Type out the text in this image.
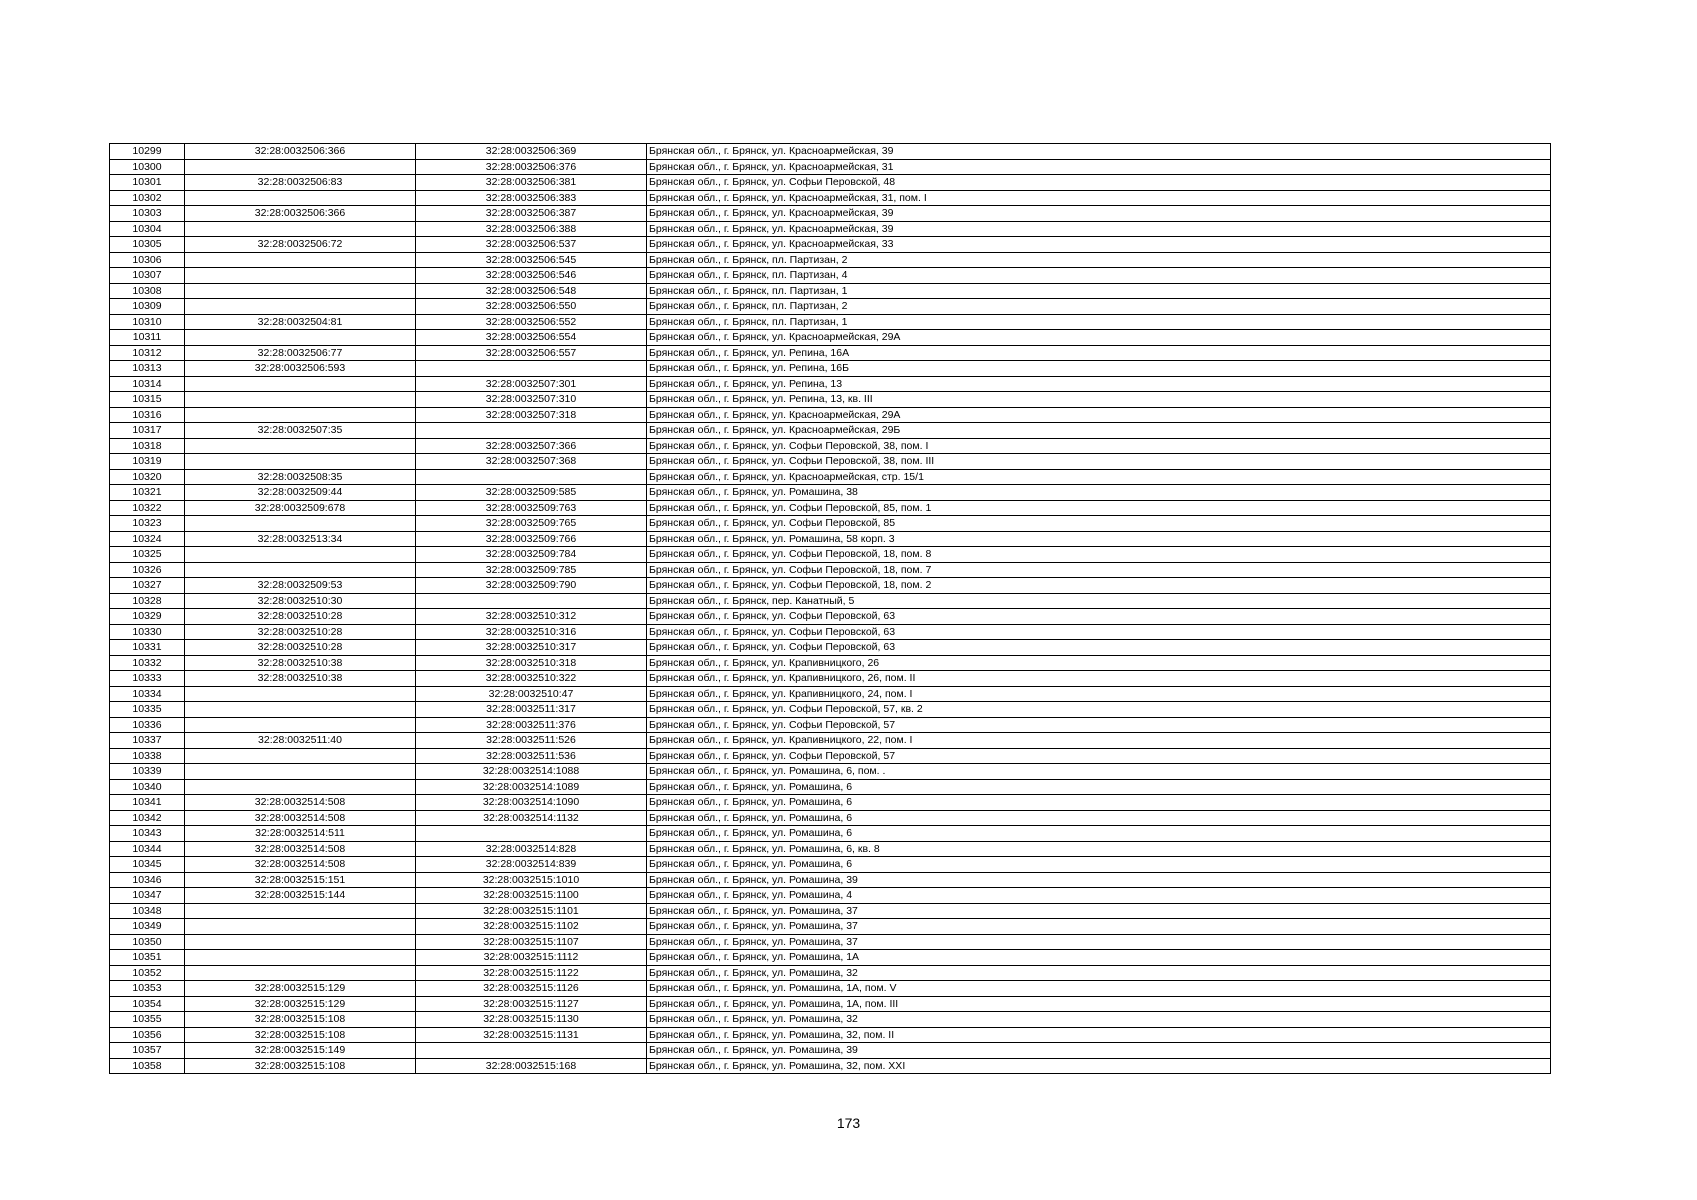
10299	32:28:0032506:366	32:28:0032506:369	Брянская обл., г. Брянск, ул. Красноармейская, 39
10300		32:28:0032506:376	Брянская обл., г. Брянск, ул. Красноармейская, 31
10301	32:28:0032506:83	32:28:0032506:381	Брянская обл., г. Брянск, ул. Софьи Перовской, 48
10302		32:28:0032506:383	Брянская обл., г. Брянск, ул. Красноармейская, 31, пом. I
10303	32:28:0032506:366	32:28:0032506:387	Брянская обл., г. Брянск, ул. Красноармейская, 39
10304		32:28:0032506:388	Брянская обл., г. Брянск, ул. Красноармейская, 39
10305	32:28:0032506:72	32:28:0032506:537	Брянская обл., г. Брянск, ул. Красноармейская, 33
10306		32:28:0032506:545	Брянская обл., г. Брянск, пл. Партизан, 2
10307		32:28:0032506:546	Брянская обл., г. Брянск, пл. Партизан, 4
10308		32:28:0032506:548	Брянская обл., г. Брянск, пл. Партизан, 1
10309		32:28:0032506:550	Брянская обл., г. Брянск, пл. Партизан, 2
10310	32:28:0032504:81	32:28:0032506:552	Брянская обл., г. Брянск, пл. Партизан, 1
10311		32:28:0032506:554	Брянская обл., г. Брянск, ул. Красноармейская, 29А
10312	32:28:0032506:77	32:28:0032506:557	Брянская обл., г. Брянск, ул. Репина, 16А
10313	32:28:0032506:593		Брянская обл., г. Брянск, ул. Репина, 16Б
10314		32:28:0032507:301	Брянская обл., г. Брянск, ул. Репина, 13
10315		32:28:0032507:310	Брянская обл., г. Брянск, ул. Репина, 13, кв. III
10316		32:28:0032507:318	Брянская обл., г. Брянск, ул. Красноармейская, 29А
10317	32:28:0032507:35		Брянская обл., г. Брянск, ул. Красноармейская, 29Б
10318		32:28:0032507:366	Брянская обл., г. Брянск, ул. Софьи Перовской, 38, пом. I
10319		32:28:0032507:368	Брянская обл., г. Брянск, ул. Софьи Перовской, 38, пом. III
10320	32:28:0032508:35		Брянская обл., г. Брянск, ул. Красноармейская, стр. 15/1
10321	32:28:0032509:44	32:28:0032509:585	Брянская обл., г. Брянск, ул. Ромашина, 38
10322	32:28:0032509:678	32:28:0032509:763	Брянская обл., г. Брянск, ул. Софьи Перовской, 85, пом. 1
10323		32:28:0032509:765	Брянская обл., г. Брянск, ул. Софьи Перовской, 85
10324	32:28:0032513:34	32:28:0032509:766	Брянская обл., г. Брянск, ул. Ромашина, 58 корп. 3
10325		32:28:0032509:784	Брянская обл., г. Брянск, ул. Софьи Перовской, 18, пом. 8
10326		32:28:0032509:785	Брянская обл., г. Брянск, ул. Софьи Перовской, 18, пом. 7
10327	32:28:0032509:53	32:28:0032509:790	Брянская обл., г. Брянск, ул. Софьи Перовской, 18, пом. 2
10328	32:28:0032510:30		Брянская обл., г. Брянск, пер. Канатный, 5
10329	32:28:0032510:28	32:28:0032510:312	Брянская обл., г. Брянск, ул. Софьи Перовской, 63
10330	32:28:0032510:28	32:28:0032510:316	Брянская обл., г. Брянск, ул. Софьи Перовской, 63
10331	32:28:0032510:28	32:28:0032510:317	Брянская обл., г. Брянск, ул. Софьи Перовской, 63
10332	32:28:0032510:38	32:28:0032510:318	Брянская обл., г. Брянск, ул. Крапивницкого, 26
10333	32:28:0032510:38	32:28:0032510:322	Брянская обл., г. Брянск, ул. Крапивницкого, 26, пом. II
10334		32:28:0032510:47	Брянская обл., г. Брянск, ул. Крапивницкого, 24, пом. I
10335		32:28:0032511:317	Брянская обл., г. Брянск, ул. Софьи Перовской, 57, кв. 2
10336		32:28:0032511:376	Брянская обл., г. Брянск, ул. Софьи Перовской, 57
10337	32:28:0032511:40	32:28:0032511:526	Брянская обл., г. Брянск, ул. Крапивницкого, 22, пом. I
10338		32:28:0032511:536	Брянская обл., г. Брянск, ул. Софьи Перовской, 57
10339		32:28:0032514:1088	Брянская обл., г. Брянск, ул. Ромашина, 6, пом. .
10340		32:28:0032514:1089	Брянская обл., г. Брянск, ул. Ромашина, 6
10341	32:28:0032514:508	32:28:0032514:1090	Брянская обл., г. Брянск, ул. Ромашина, 6
10342	32:28:0032514:508	32:28:0032514:1132	Брянская обл., г. Брянск, ул. Ромашина, 6
10343	32:28:0032514:511		Брянская обл., г. Брянск, ул. Ромашина, 6
10344	32:28:0032514:508	32:28:0032514:828	Брянская обл., г. Брянск, ул. Ромашина, 6, кв. 8
10345	32:28:0032514:508	32:28:0032514:839	Брянская обл., г. Брянск, ул. Ромашина, 6
10346	32:28:0032515:151	32:28:0032515:1010	Брянская обл., г. Брянск, ул. Ромашина, 39
10347	32:28:0032515:144	32:28:0032515:1100	Брянская обл., г. Брянск, ул. Ромашина, 4
10348		32:28:0032515:1101	Брянская обл., г. Брянск, ул. Ромашина, 37
10349		32:28:0032515:1102	Брянская обл., г. Брянск, ул. Ромашина, 37
10350		32:28:0032515:1107	Брянская обл., г. Брянск, ул. Ромашина, 37
10351		32:28:0032515:1112	Брянская обл., г. Брянск, ул. Ромашина, 1А
10352		32:28:0032515:1122	Брянская обл., г. Брянск, ул. Ромашина, 32
10353	32:28:0032515:129	32:28:0032515:1126	Брянская обл., г. Брянск, ул. Ромашина, 1А, пом. V
10354	32:28:0032515:129	32:28:0032515:1127	Брянская обл., г. Брянск, ул. Ромашина, 1А, пом. III
10355	32:28:0032515:108	32:28:0032515:1130	Брянская обл., г. Брянск, ул. Ромашина, 32
10356	32:28:0032515:108	32:28:0032515:1131	Брянская обл., г. Брянск, ул. Ромашина, 32, пом. II
10357	32:28:0032515:149		Брянская обл., г. Брянск, ул. Ромашина, 39
10358	32:28:0032515:108	32:28:0032515:168	Брянская обл., г. Брянск, ул. Ромашина, 32, пом. XXI
173
